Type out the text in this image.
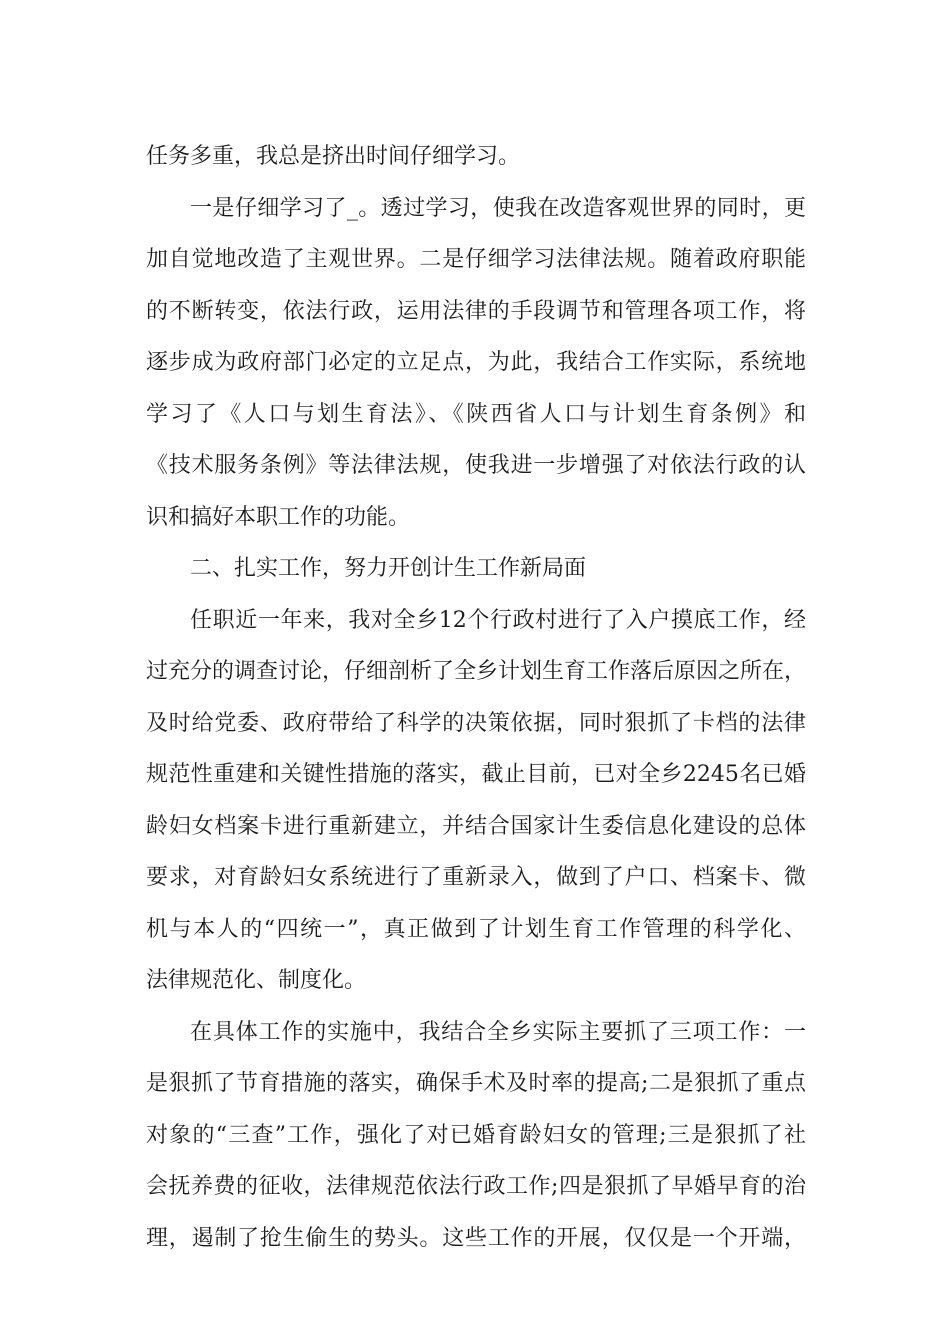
任务多重，我总是挤出时间仔细学习。
一是仔细学习了_。透过学习，使我在改造客观世界的同时，更
加自觉地改造了主观世界。二是仔细学习法律法规。随着政府职能
的不断转变，依法行政，运用法律的手段调节和管理各项工作，将
逐步成为政府部门必定的立足点，为此，我结合工作实际，系统地
学习了《人口与划生育法》、《陕西省人口与计划生育条例》和
《技术服务条例》等法律法规，使我进一步增强了对依法行政的认
识和搞好本职工作的功能。
二、扎实工作，努力开创计生工作新局面
任职近一年来，我对全乡12个行政村进行了入户摸底工作，经
过充分的调查讨论，仔细剖析了全乡计划生育工作落后原因之所在，
及时给党委、政府带给了科学的决策依据，同时狠抓了卡档的法律
规范性重建和关键性措施的落实，截止目前，已对全乡2245名已婚
龄妇女档案卡进行重新建立，并结合国家计生委信息化建设的总体
要求，对育龄妇女系统进行了重新录入，做到了户口、档案卡、微
机与本人的“四统一”，真正做到了计划生育工作管理的科学化、
法律规范化、制度化。
在具体工作的实施中，我结合全乡实际主要抓了三项工作：一
是狠抓了节育措施的落实，确保手术及时率的提高;二是狠抓了重点
对象的“三查”工作，强化了对已婚育龄妇女的管理;三是狠抓了社
会抚养费的征收，法律规范依法行政工作;四是狠抓了早婚早育的治
理，遏制了抢生偷生的势头。这些工作的开展，仅仅是一个开端，
